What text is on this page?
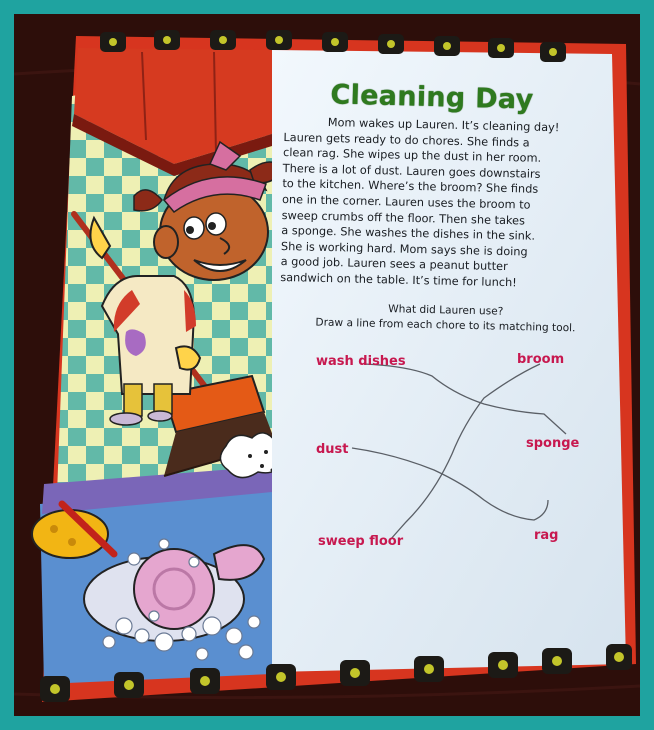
Cleaning Day
Mom wakes up Lauren. It’s cleaning day!
Lauren gets ready to do chores. She finds a
clean rag. She wipes up the dust in her room.
There is a lot of dust. Lauren goes downstairs
to the kitchen. Where’s the broom? She finds
one in the corner. Lauren uses the broom to
sweep crumbs off the floor. Then she takes
a sponge. She washes the dishes in the sink.
She is working hard. Mom says she is doing
a good job. Lauren sees a peanut butter
sandwich on the table. It’s time for lunch!
What did Lauren use?
Draw a line from each chore to its matching tool.
wash dishes
dust
sweep floor
broom
sponge
rag
